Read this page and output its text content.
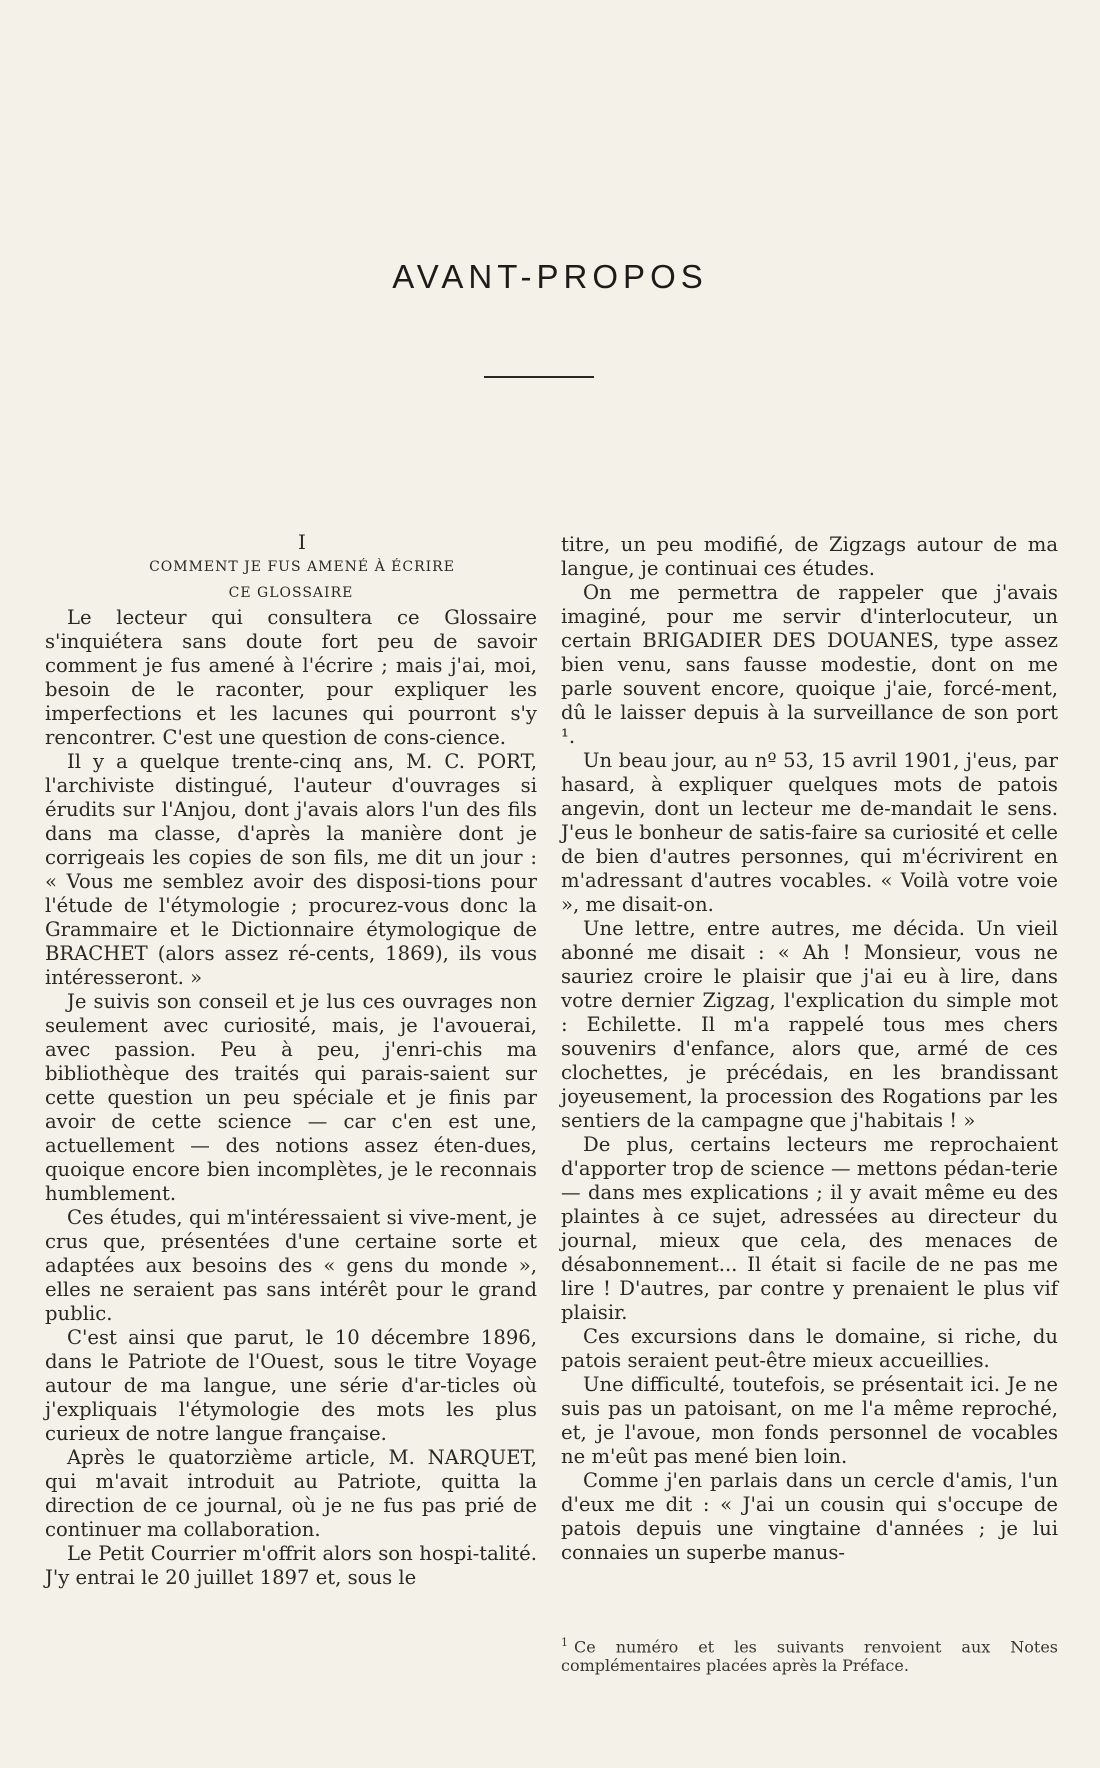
AVANT-PROPOS

I

COMMENT JE FUS AMENÉ À ÉCRIRE
CE GLOSSAIRE

Le lecteur qui consultera ce Glossaire s'inquiétera sans doute fort peu de savoir comment je fus amené à l'écrire ; mais j'ai, moi, besoin de le raconter, pour expliquer les imperfections et les lacunes qui pourront s'y rencontrer. C'est une question de cons-cience.

Il y a quelque trente-cinq ans, M. C. PORT, l'archiviste distingué, l'auteur d'ouvrages si érudits sur l'Anjou, dont j'avais alors l'un des fils dans ma classe, d'après la manière dont je corrigeais les copies de son fils, me dit un jour : « Vous me semblez avoir des disposi-tions pour l'étude de l'étymologie ; procurez-vous donc la Grammaire et le Dictionnaire étymologique de BRACHET (alors assez ré-cents, 1869), ils vous intéresseront. »

Je suivis son conseil et je lus ces ouvrages non seulement avec curiosité, mais, je l'avouerai, avec passion. Peu à peu, j'enri-chis ma bibliothèque des traités qui parais-saient sur cette question un peu spéciale et je finis par avoir de cette science — car c'en est une, actuellement — des notions assez éten-dues, quoique encore bien incomplètes, je le reconnais humblement.

Ces études, qui m'intéressaient si vive-ment, je crus que, présentées d'une certaine sorte et adaptées aux besoins des « gens du monde », elles ne seraient pas sans intérêt pour le grand public.

C'est ainsi que parut, le 10 décembre 1896, dans le Patriote de l'Ouest, sous le titre Voyage autour de ma langue, une série d'ar-ticles où j'expliquais l'étymologie des mots les plus curieux de notre langue française.

Après le quatorzième article, M. NARQUET, qui m'avait introduit au Patriote, quitta la direction de ce journal, où je ne fus pas prié de continuer ma collaboration.

Le Petit Courrier m'offrit alors son hospi-talité. J'y entrai le 20 juillet 1897 et, sous le

titre, un peu modifié, de Zigzags autour de ma langue, je continuai ces études.

On me permettra de rappeler que j'avais imaginé, pour me servir d'interlocuteur, un certain BRIGADIER DES DOUANES, type assez bien venu, sans fausse modestie, dont on me parle souvent encore, quoique j'aie, forcé-ment, dû le laisser depuis à la surveillance de son port ¹.

Un beau jour, au nº 53, 15 avril 1901, j'eus, par hasard, à expliquer quelques mots de patois angevin, dont un lecteur me de-mandait le sens. J'eus le bonheur de satis-faire sa curiosité et celle de bien d'autres personnes, qui m'écrivirent en m'adressant d'autres vocables. « Voilà votre voie », me disait-on.

Une lettre, entre autres, me décida. Un vieil abonné me disait : « Ah ! Monsieur, vous ne sauriez croire le plaisir que j'ai eu à lire, dans votre dernier Zigzag, l'explication du simple mot : Echilette. Il m'a rappelé tous mes chers souvenirs d'enfance, alors que, armé de ces clochettes, je précédais, en les brandissant joyeusement, la procession des Rogations par les sentiers de la campagne que j'habitais ! »

De plus, certains lecteurs me reprochaient d'apporter trop de science — mettons pédan-terie — dans mes explications ; il y avait même eu des plaintes à ce sujet, adressées au directeur du journal, mieux que cela, des menaces de désabonnement... Il était si facile de ne pas me lire ! D'autres, par contre y prenaient le plus vif plaisir.

Ces excursions dans le domaine, si riche, du patois seraient peut-être mieux accueillies.

Une difficulté, toutefois, se présentait ici. Je ne suis pas un patoisant, on me l'a même reproché, et, je l'avoue, mon fonds personnel de vocables ne m'eût pas mené bien loin.

Comme j'en parlais dans un cercle d'amis, l'un d'eux me dit : « J'ai un cousin qui s'occupe de patois depuis une vingtaine d'années ; je lui connaies un superbe manus-

$^1$ Ce numéro et les suivants renvoient aux Notes complémentaires placées après la Préface.
